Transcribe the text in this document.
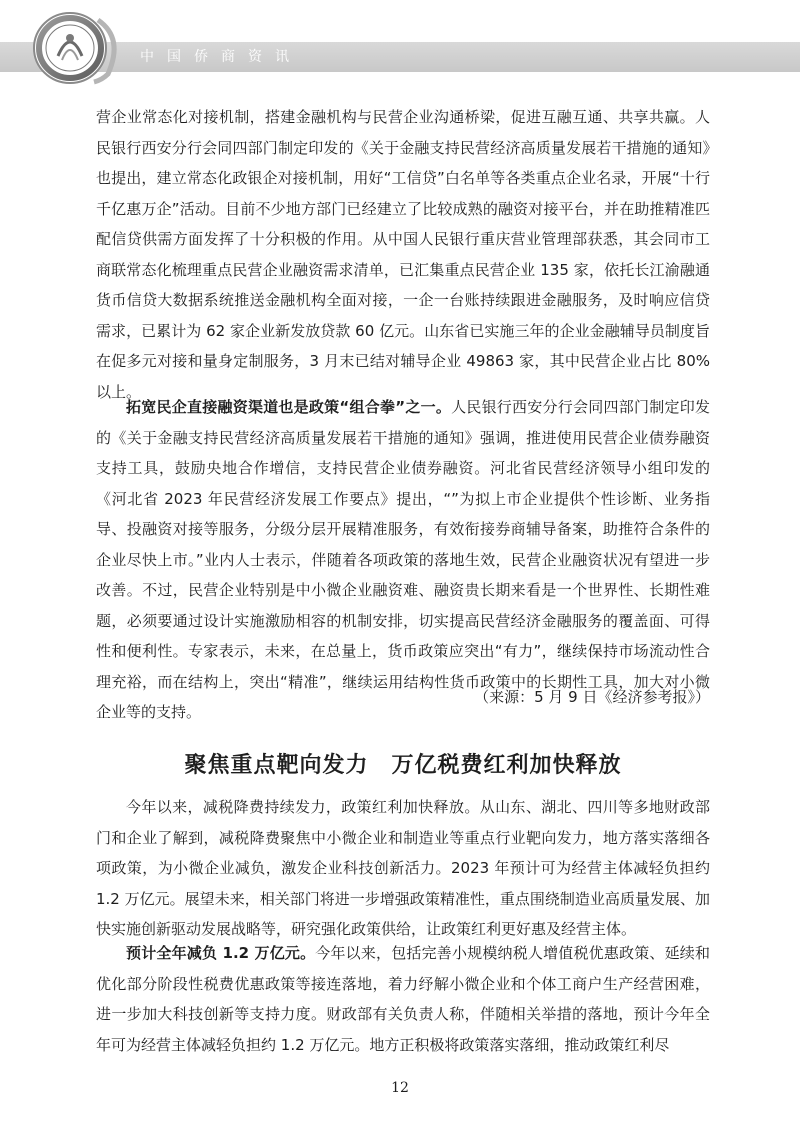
中国侨商资讯

营企业常态化对接机制，搭建金融机构与民营企业沟通桥梁，促进互融互通、共享共赢。人民银行西安分行会同四部门制定印发的《关于金融支持民营经济高质量发展若干措施的通知》也提出，建立常态化政银企对接机制，用好“工信贷”白名单等各类重点企业名录，开展“十行千亿惠万企”活动。目前不少地方部门已经建立了比较成熟的融资对接平台，并在助推精准匹配信贷供需方面发挥了十分积极的作用。从中国人民银行重庆营业管理部获悉，其会同市工商联常态化梳理重点民营企业融资需求清单，已汇集重点民营企业 135 家，依托长江渝融通货币信贷大数据系统推送金融机构全面对接，一企一台账持续跟进金融服务，及时响应信贷需求，已累计为 62 家企业新发放贷款 60 亿元。山东省已实施三年的企业金融辅导员制度旨在促多元对接和量身定制服务，3 月末已结对辅导企业 49863 家，其中民营企业占比 80% 以上。

拓宽民企直接融资渠道也是政策“组合拳”之一。人民银行西安分行会同四部门制定印发的《关于金融支持民营经济高质量发展若干措施的通知》强调，推进使用民营企业债券融资支持工具，鼓励央地合作增信，支持民营企业债券融资。河北省民营经济领导小组印发的《河北省 2023 年民营经济发展工作要点》提出，“”为拟上市企业提供个性诊断、业务指导、投融资对接等服务，分级分层开展精准服务，有效衔接券商辅导备案，助推符合条件的企业尽快上市。”业内人士表示，伴随着各项政策的落地生效，民营企业融资状况有望进一步改善。不过，民营企业特别是中小微企业融资难、融资贵长期来看是一个世界性、长期性难题，必须要通过设计实施激励相容的机制安排，切实提高民营经济金融服务的覆盖面、可得性和便利性。专家表示，未来，在总量上，货币政策应突出“有力”，继续保持市场流动性合理充裕，而在结构上，突出“精准”，继续运用结构性货币政策中的长期性工具，加大对小微企业等的支持。

（来源：5 月 9 日《经济参考报》）
聚焦重点靶向发力　万亿税费红利加快释放

今年以来，减税降费持续发力，政策红利加快释放。从山东、湖北、四川等多地财政部门和企业了解到，减税降费聚焦中小微企业和制造业等重点行业靶向发力，地方落实落细各项政策，为小微企业减负，激发企业科技创新活力。2023 年预计可为经营主体减轻负担约 1.2 万亿元。展望未来，相关部门将进一步增强政策精准性，重点围绕制造业高质量发展、加快实施创新驱动发展战略等，研究强化政策供给，让政策红利更好惠及经营主体。

预计全年减负 1.2 万亿元。今年以来，包括完善小规模纳税人增值税优惠政策、延续和优化部分阶段性税费优惠政策等接连落地，着力纾解小微企业和个体工商户生产经营困难，进一步加大科技创新等支持力度。财政部有关负责人称，伴随相关举措的落地，预计今年全年可为经营主体减轻负担约 1.2 万亿元。地方正积极将政策落实落细，推动政策红利尽

12
